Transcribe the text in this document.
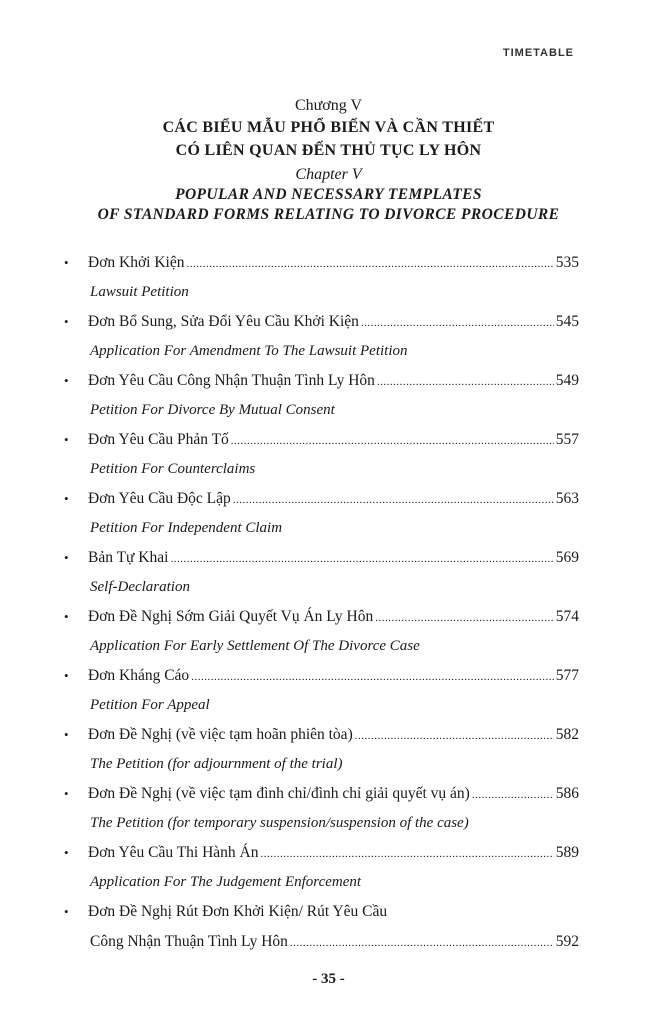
TIMETABLE
Chương V
CÁC BIỂU MẪU PHỔ BIẾN VÀ CẦN THIẾT
CÓ LIÊN QUAN ĐẾN THỦ TỤC LY HÔN
Chapter V
POPULAR AND NECESSARY TEMPLATES
OF STANDARD FORMS RELATING TO DIVORCE PROCEDURE
•	Đơn Khởi Kiện .....	535
Lawsuit Petition
•	Đơn Bổ Sung, Sửa Đổi Yêu Cầu Khởi Kiện .....	545
Application For Amendment To The Lawsuit Petition
•	Đơn Yêu Cầu Công Nhận Thuận Tình Ly Hôn .....	549
Petition For Divorce By Mutual Consent
•	Đơn Yêu Cầu Phản Tố .....	557
Petition For Counterclaims
•	Đơn Yêu Cầu Độc Lập .....	563
Petition For Independent Claim
•	Bản Tự Khai .....	569
Self-Declaration
•	Đơn Đề Nghị Sớm Giải Quyết Vụ Án Ly Hôn .....	574
Application For Early Settlement Of The Divorce Case
•	Đơn Kháng Cáo .....	577
Petition For Appeal
•	Đơn Đề Nghị (về việc tạm hoãn phiên tòa) .....	582
The Petition (for adjournment of the trial)
•	Đơn Đề Nghị (về việc tạm đình chỉ/đình chỉ giải quyết vụ án) .....	586
The Petition (for temporary suspension/suspension of the case)
•	Đơn Yêu Cầu Thi Hành Án .....	589
Application For The Judgement Enforcement
•	Đơn Đề Nghị Rút Đơn Khởi Kiện/ Rút Yêu Cầu
Công Nhận Thuận Tình Ly Hôn .....	592
- 35 -
